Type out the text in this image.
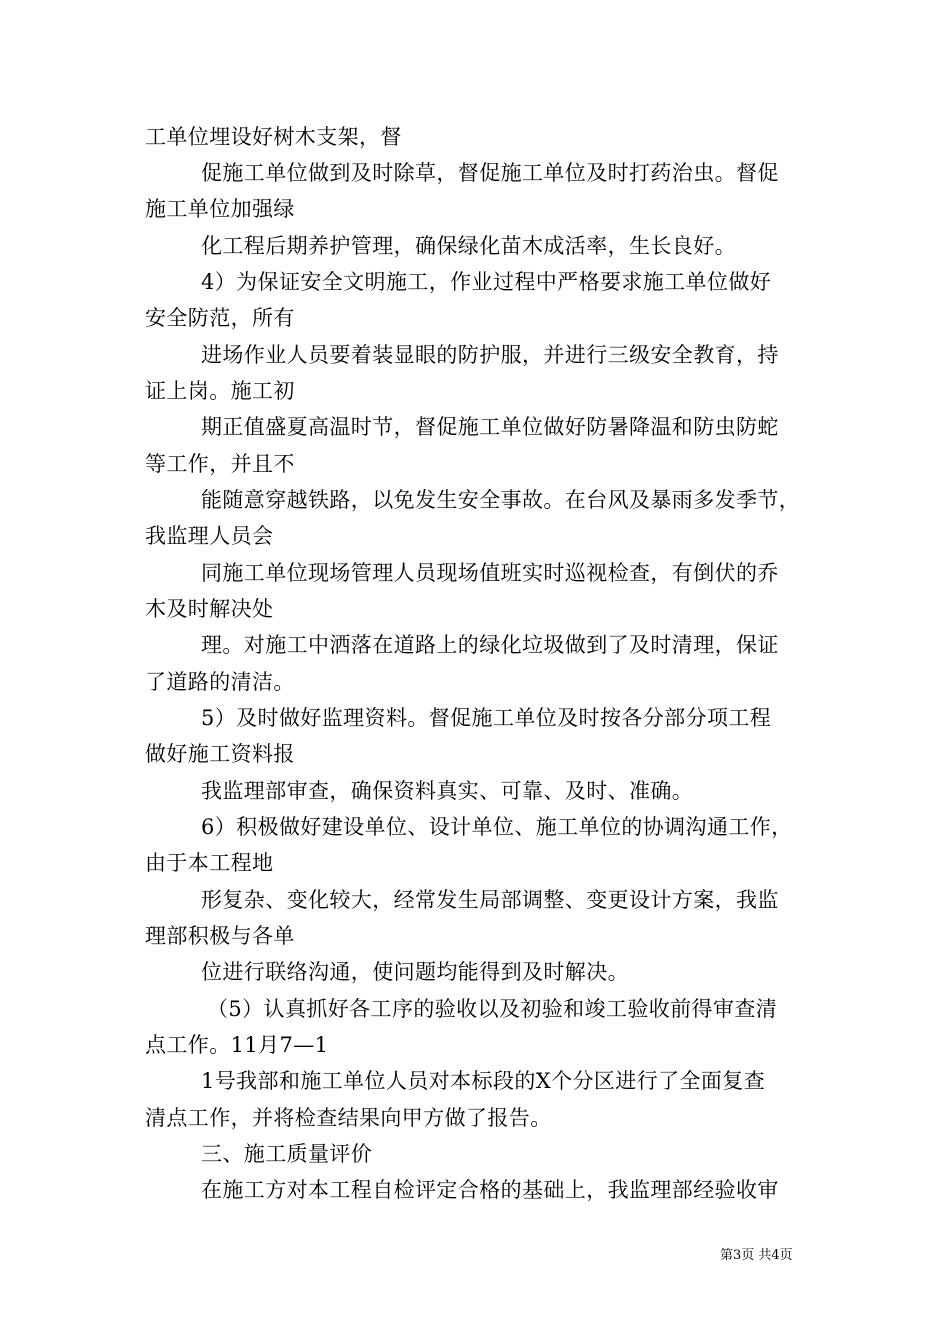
工单位埋设好树木支架，督
促施工单位做到及时除草，督促施工单位及时打药治虫。督促
施工单位加强绿
化工程后期养护管理，确保绿化苗木成活率，生长良好。
4）为保证安全文明施工，作业过程中严格要求施工单位做好
安全防范，所有
进场作业人员要着装显眼的防护服，并进行三级安全教育，持
证上岗。施工初
期正值盛夏高温时节，督促施工单位做好防暑降温和防虫防蛇
等工作，并且不
能随意穿越铁路，以免发生安全事故。在台风及暴雨多发季节，
我监理人员会
同施工单位现场管理人员现场值班实时巡视检查，有倒伏的乔
木及时解决处
理。对施工中洒落在道路上的绿化垃圾做到了及时清理，保证
了道路的清洁。
5）及时做好监理资料。督促施工单位及时按各分部分项工程
做好施工资料报
我监理部审查，确保资料真实、可靠、及时、准确。
6）积极做好建设单位、设计单位、施工单位的协调沟通工作，
由于本工程地
形复杂、变化较大，经常发生局部调整、变更设计方案，我监
理部积极与各单
位进行联络沟通，使问题均能得到及时解决。
（5）认真抓好各工序的验收以及初验和竣工验收前得审查清
点工作。11月7—1
1号我部和施工单位人员对本标段的X个分区进行了全面复查
清点工作，并将检查结果向甲方做了报告。
三、施工质量评价
在施工方对本工程自检评定合格的基础上，我监理部经验收审
第3页 共4页
